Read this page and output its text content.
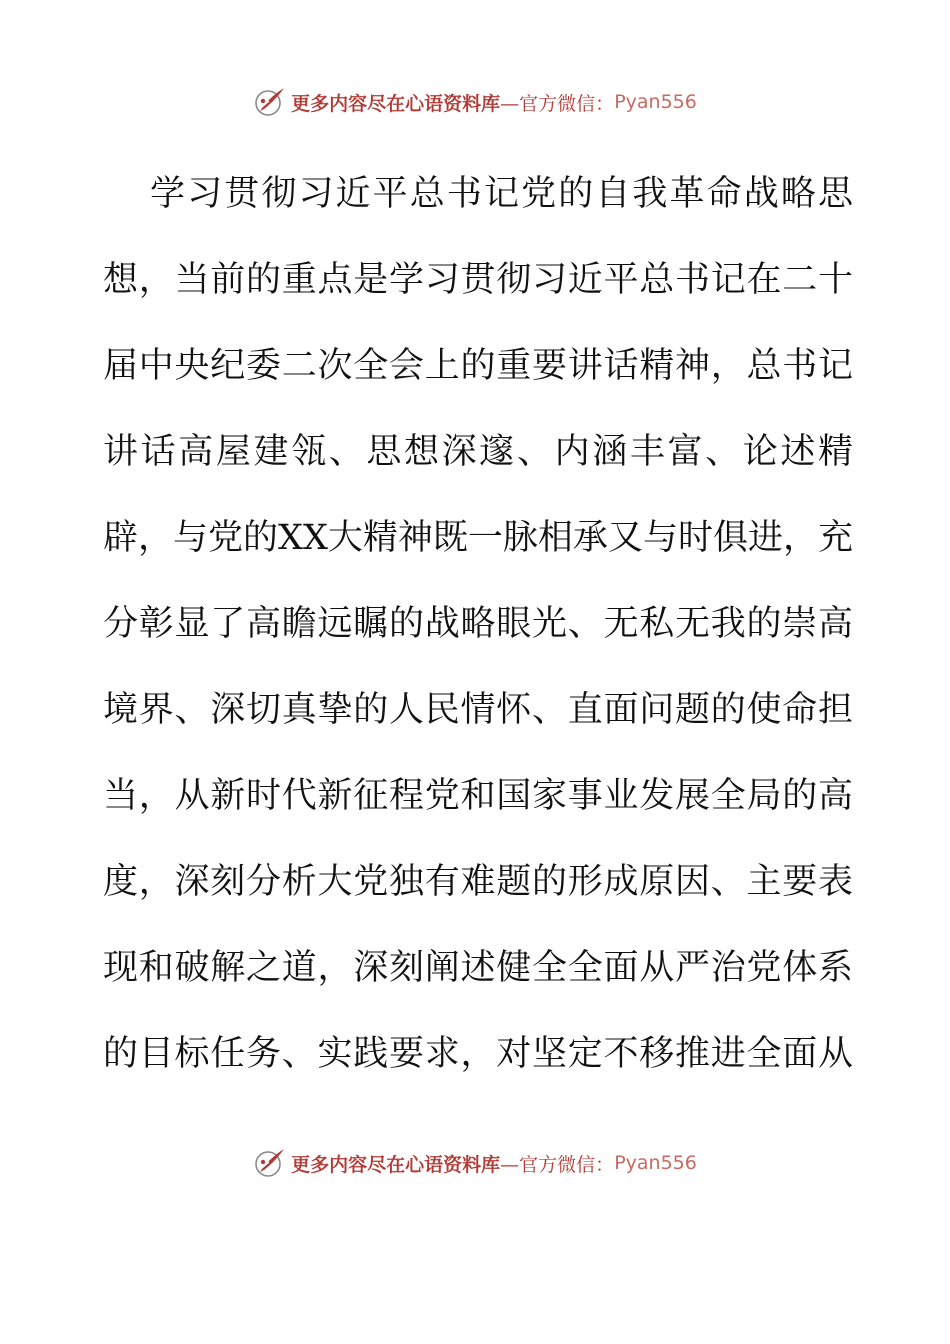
更多内容尽在心语资料库 —官方微信： Pyan556
学习贯彻习近平总书记党的自我革命战略思
想，当前的重点是学习贯彻习近平总书记在二十
届中央纪委二次全会上的重要讲话精神，总书记
讲话高屋建瓴、思想深邃、内涵丰富、论述精
辟，与党的XX大精神既一脉相承又与时俱进，充
分彰显了高瞻远瞩的战略眼光、无私无我的崇高
境界、深切真挚的人民情怀、直面问题的使命担
当，从新时代新征程党和国家事业发展全局的高
度，深刻分析大党独有难题的形成原因、主要表
现和破解之道，深刻阐述健全全面从严治党体系
的目标任务、实践要求，对坚定不移推进全面从
更多内容尽在心语资料库 —官方微信： Pyan556
